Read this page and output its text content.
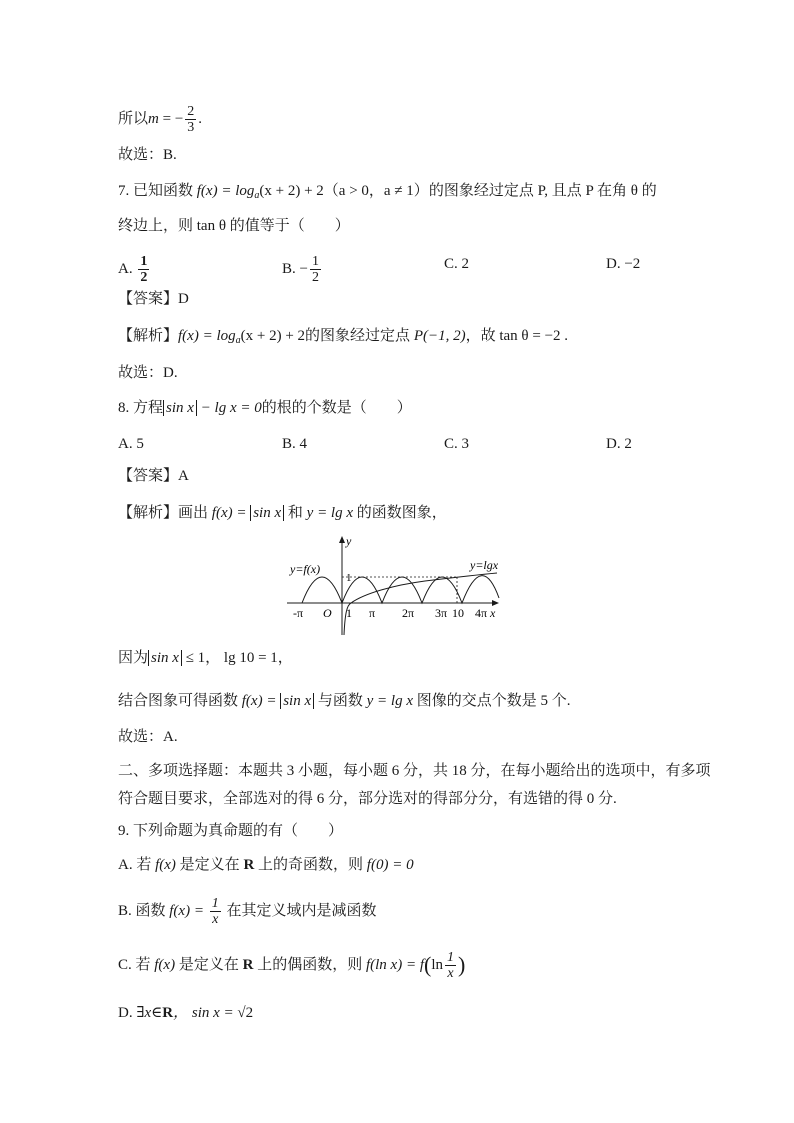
所以m = − $\frac{2}{3}$ .
故选：B.
7. 已知函数 $f(x) = \log_a(x + 2) + 2(a > 0$，a ≠ 1）的图象经过定点 P, 且点 P 在角 θ 的
终边上，则 tan θ 的值等于（　　）
A. $\frac{1}{2}$	B. − $\frac{1}{2}$	C. 2	D. −2
【答案】D
【解析】$f(x) = \log_a(x + 2) + 2$的图象经过定点 P(−1, 2)，故 tan θ = −2 .
故选：D.
8. 方程 sin x − lg x = 0的根的个数是（　　）
A. 5	B. 4	C. 3	D. 2
【答案】A
【解析】画出 f(x) = sin x 和 y = lg x 的函数图象，
y
x
y=f(x)	y=lgx
1
-π O 1 π 2π 3π 10 4π
因为 sin x ≤ 1， lg 10 = 1，
结合图象可得函数 f(x) = sin x 与函数 y = lg x 图像的交点个数是 5 个.
故选：A.
二、多项选择题：本题共 3 小题，每小题 6 分，共 18 分，在每小题给出的选项中，有多项
符合题目要求，全部选对的得 6 分，部分选对的得部分分，有选错的得 0 分.
9. 下列命题为真命题的有（　　）
A. 若 f(x) 是定义在 R 上的奇函数，则 f(0) = 0
B. 函数 $f(x) = \frac{1}{x}$ 在其定义域内是减函数
C. 若 f(x) 是定义在 R 上的偶函数，则 f(ln $x) = f(\ln \frac{1}{x}$ )
D. ∃x∈R， sin x = √2
